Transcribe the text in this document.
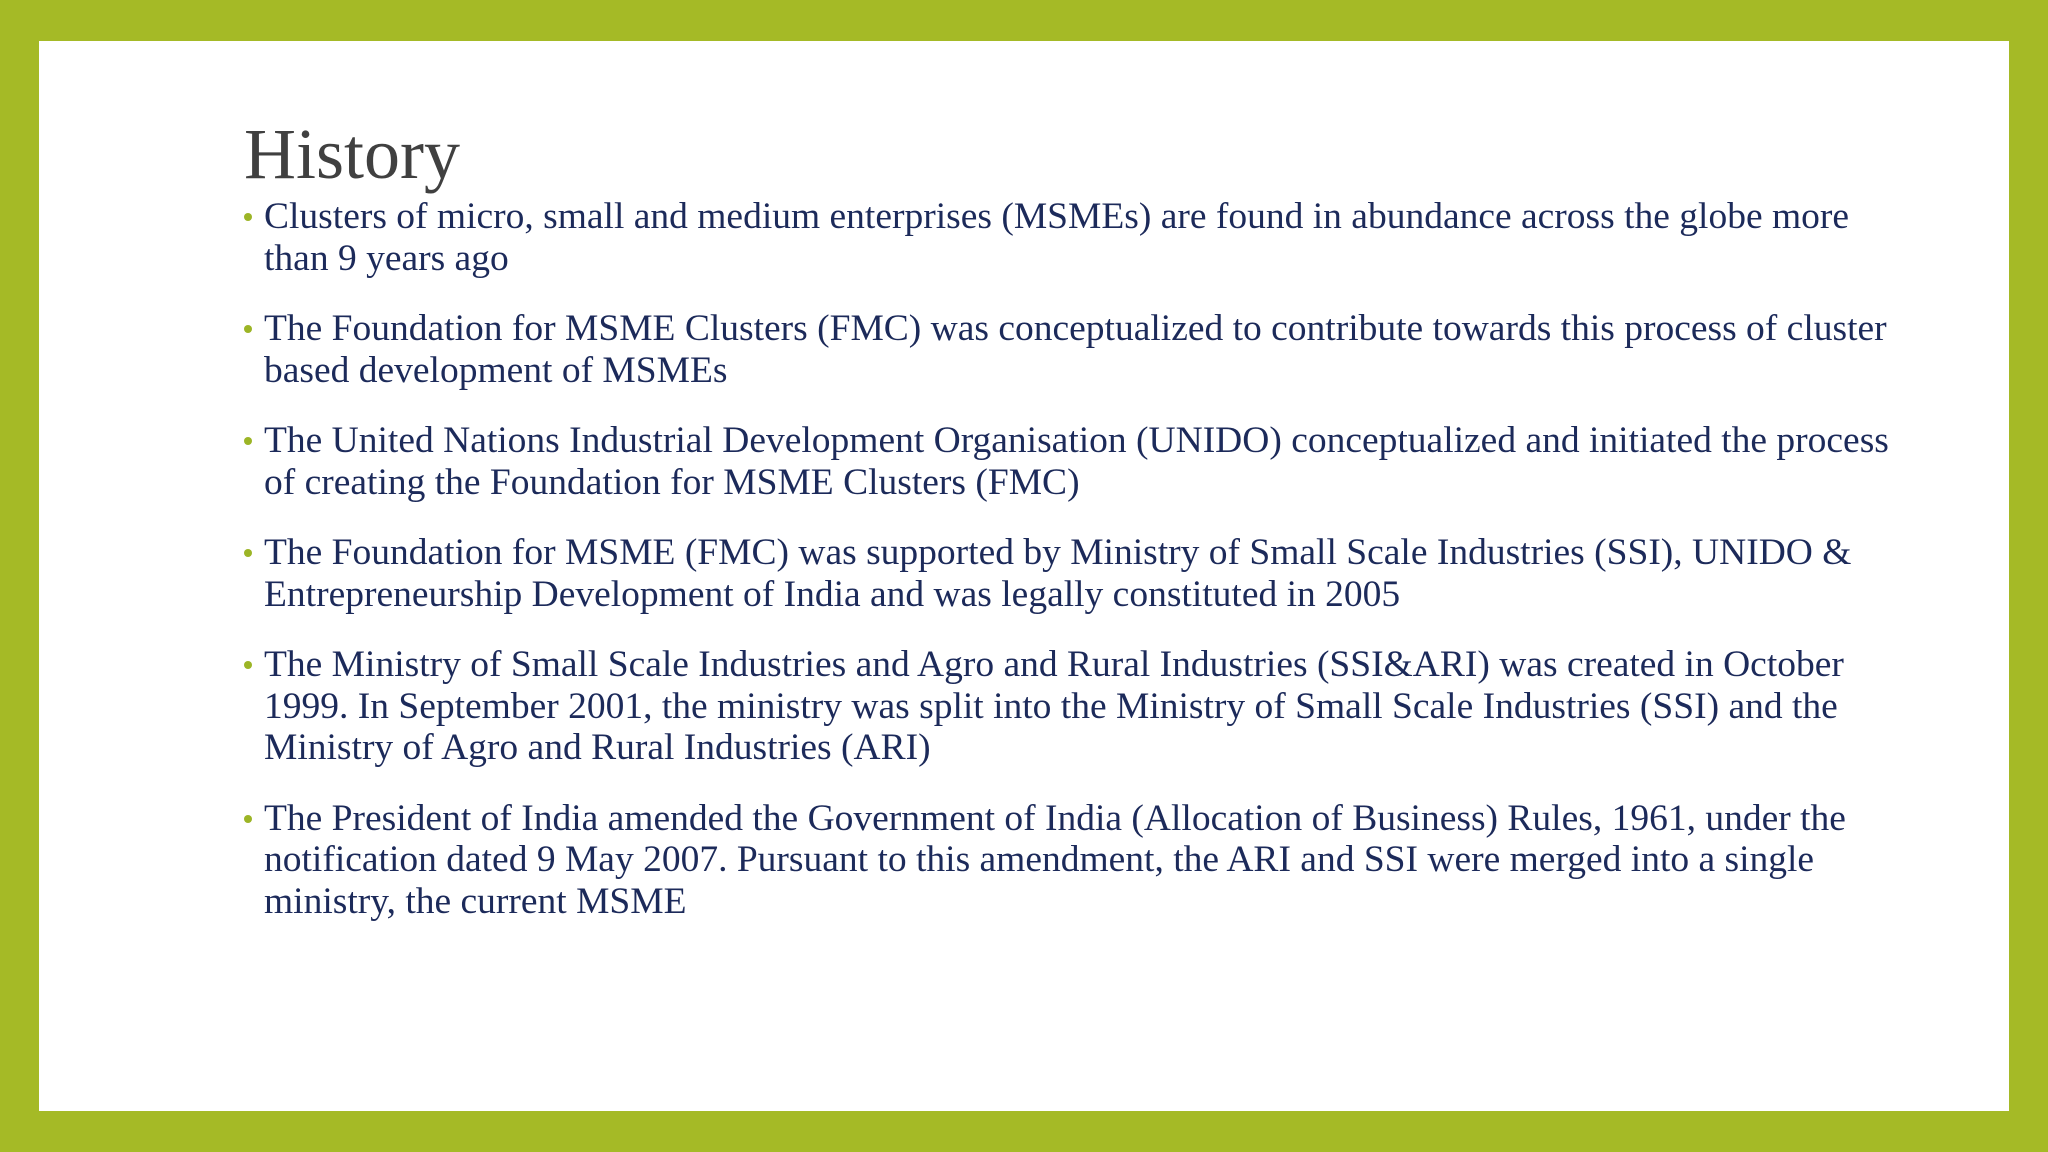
History
Clusters of micro, small and medium enterprises (MSMEs) are found in abundance across the globe more than 9 years ago
The Foundation for MSME Clusters (FMC) was conceptualized to contribute towards this process of cluster based development of MSMEs
The United Nations Industrial Development Organisation (UNIDO) conceptualized and initiated the process of creating the Foundation for MSME Clusters (FMC)
The Foundation for MSME (FMC) was supported by Ministry of Small Scale Industries (SSI), UNIDO & Entrepreneurship Development of India and was legally constituted in 2005
The Ministry of Small Scale Industries and Agro and Rural Industries (SSI&ARI) was created in October 1999. In September 2001, the ministry was split into the Ministry of Small Scale Industries (SSI) and the Ministry of Agro and Rural Industries (ARI)
The President of India amended the Government of India (Allocation of Business) Rules, 1961, under the notification dated 9 May 2007. Pursuant to this amendment, the ARI and SSI were merged into a single ministry, the current MSME
